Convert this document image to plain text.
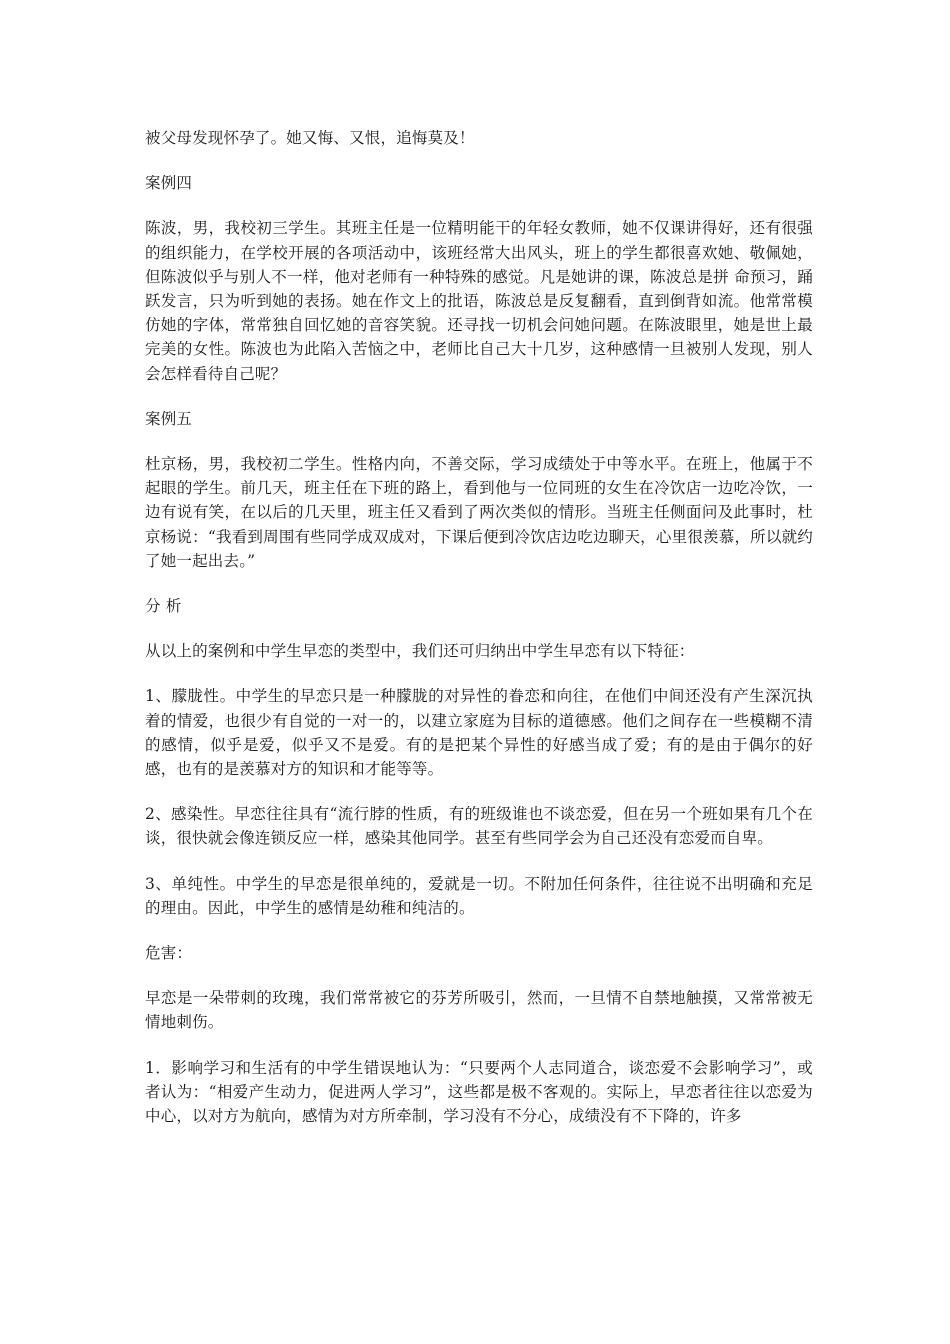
被父母发现怀孕了。她又悔、又恨，追悔莫及！

案例四

陈波，男，我校初三学生。其班主任是一位精明能干的年轻女教师，她不仅课讲得好，还有很强的组织能力，在学校开展的各项活动中，该班经常大出风头，班上的学生都很喜欢她、敬佩她，但陈波似乎与别人不一样，他对老师有一种特殊的感觉。凡是她讲的课，陈波总是拼 命预习，踊跃发言，只为听到她的表扬。她在作文上的批语，陈波总是反复翻看，直到倒背如流。他常常模仿她的字体，常常独自回忆她的音容笑貌。还寻找一切机会问她问题。在陈波眼里，她是世上最完美的女性。陈波也为此陷入苦恼之中，老师比自己大十几岁，这种感情一旦被别人发现，别人会怎样看待自己呢？

案例五

杜京杨，男，我校初二学生。性格内向，不善交际，学习成绩处于中等水平。在班上，他属于不起眼的学生。前几天，班主任在下班的路上，看到他与一位同班的女生在冷饮店一边吃冷饮，一边有说有笑，在以后的几天里，班主任又看到了两次类似的情形。当班主任侧面问及此事时，杜京杨说：“我看到周围有些同学成双成对，下课后便到冷饮店边吃边聊天，心里很羡慕，所以就约了她一起出去。”

分 析

从以上的案例和中学生早恋的类型中，我们还可归纳出中学生早恋有以下特征：

1、朦胧性。中学生的早恋只是一种朦胧的对异性的眷恋和向往，在他们中间还没有产生深沉执着的情爱，也很少有自觉的一对一的，以建立家庭为目标的道德感。他们之间存在一些模糊不清的感情，似乎是爱，似乎又不是爱。有的是把某个异性的好感当成了爱；有的是由于偶尔的好感，也有的是羡慕对方的知识和才能等等。

2、感染性。早恋往往具有“流行脖的性质，有的班级谁也不谈恋爱，但在另一个班如果有几个在谈，很快就会像连锁反应一样，感染其他同学。甚至有些同学会为自己还没有恋爱而自卑。

3、单纯性。中学生的早恋是很单纯的，爱就是一切。不附加任何条件，往往说不出明确和充足的理由。因此，中学生的感情是幼稚和纯洁的。

危害：

早恋是一朵带刺的玫瑰，我们常常被它的芬芳所吸引，然而，一旦情不自禁地触摸，又常常被无情地刺伤。

1．影响学习和生活有的中学生错误地认为：“只要两个人志同道合，谈恋爱不会影响学习”，或者认为：“相爱产生动力，促进两人学习”，这些都是极不客观的。实际上，早恋者往往以恋爱为中心，以对方为航向，感情为对方所牵制，学习没有不分心，成绩没有不下降的，许多
